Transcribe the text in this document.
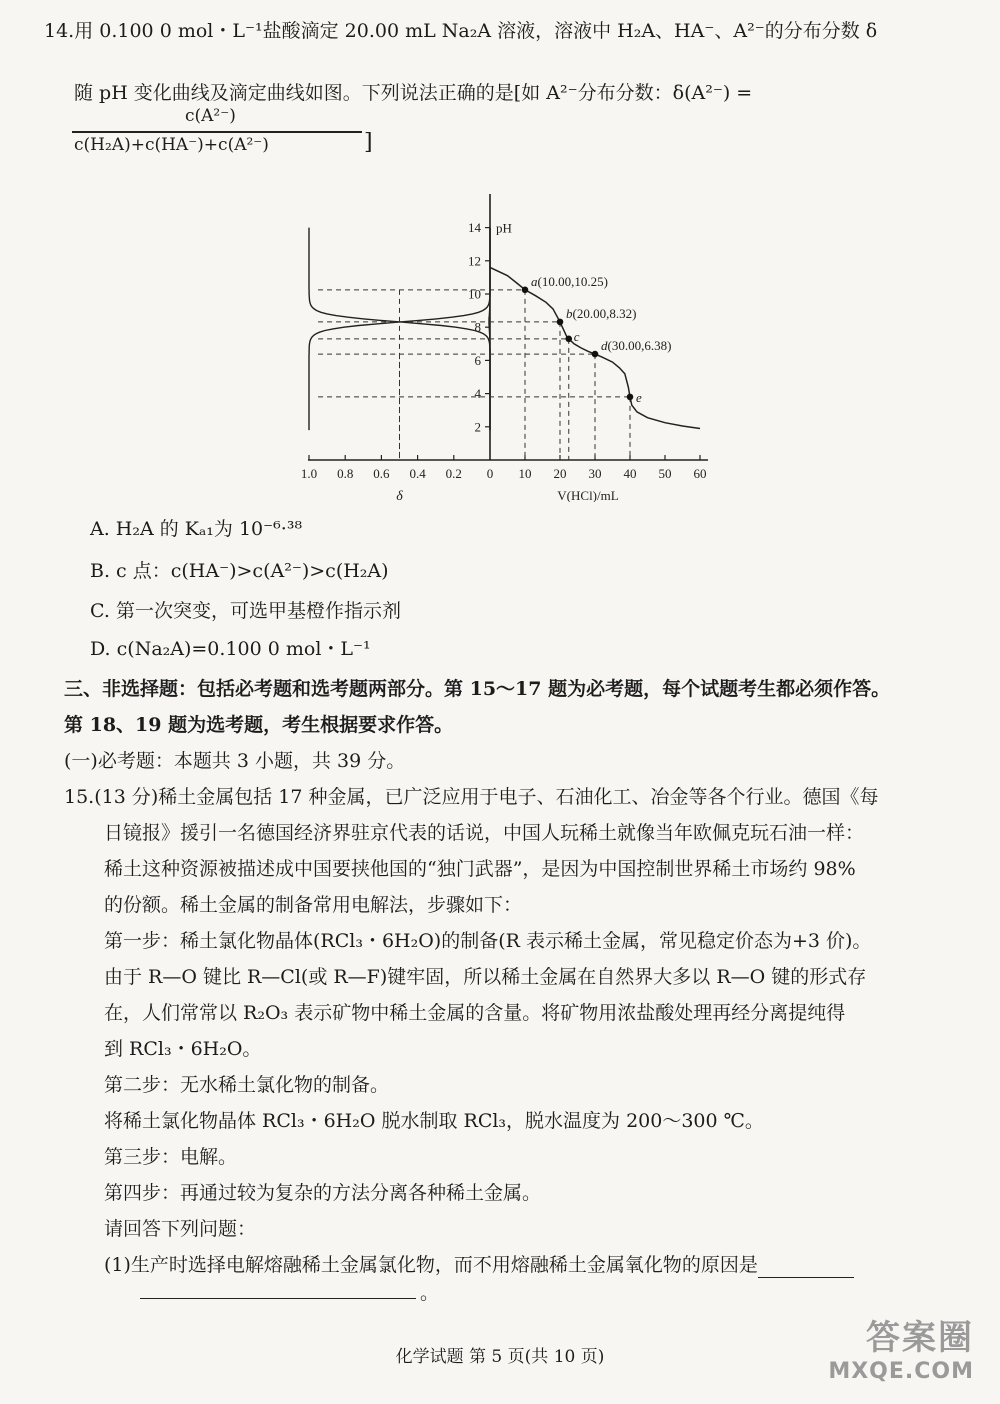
14.用 0.100 0 mol・L⁻¹盐酸滴定 20.00 mL Na₂A 溶液，溶液中 H₂A、HA⁻、A²⁻的分布分数 δ
随 pH 变化曲线及滴定曲线如图。下列说法正确的是[如 A²⁻分布分数：δ(A²⁻) =
c(A²⁻)
c(H₂A)+c(HA⁻)+c(A²⁻)	]
2
4
6
8
10
12
14 pH
0 10 20 30 40 50 60
V(HCl)/mL
1.0 0.8 0.6 0.4 0.2
δ
a(10.00,10.25)
b(20.00,8.32)
c
d(30.00,6.38)
e
A. H₂A 的 Kₐ₁为 10⁻⁶·³⁸
B. c 点：c(HA⁻)>c(A²⁻)>c(H₂A)
C. 第一次突变，可选甲基橙作指示剂
D. c(Na₂A)=0.100 0 mol・L⁻¹
三、非选择题：包括必考题和选考题两部分。第 15～17 题为必考题，每个试题考生都必须作答。
第 18、19 题为选考题，考生根据要求作答。
(一)必考题：本题共 3 小题，共 39 分。
15.(13 分)稀土金属包括 17 种金属，已广泛应用于电子、石油化工、冶金等各个行业。德国《每
日镜报》援引一名德国经济界驻京代表的话说，中国人玩稀土就像当年欧佩克玩石油一样：
稀土这种资源被描述成中国要挟他国的“独门武器”，是因为中国控制世界稀土市场约 98%
的份额。稀土金属的制备常用电解法，步骤如下：
第一步：稀土氯化物晶体(RCl₃・6H₂O)的制备(R 表示稀土金属，常见稳定价态为+3 价)。
由于 R—O 键比 R—Cl(或 R—F)键牢固，所以稀土金属在自然界大多以 R—O 键的形式存
在，人们常常以 R₂O₃ 表示矿物中稀土金属的含量。将矿物用浓盐酸处理再经分离提纯得
到 RCl₃・6H₂O。
第二步：无水稀土氯化物的制备。
将稀土氯化物晶体 RCl₃・6H₂O 脱水制取 RCl₃，脱水温度为 200～300 ℃。
第三步：电解。
第四步：再通过较为复杂的方法分离各种稀土金属。
请回答下列问题：
(1)生产时选择电解熔融稀土金属氯化物，而不用熔融稀土金属氧化物的原因是
。
化学试题 第 5 页(共 10 页)	答案圈
MXQE.COM
